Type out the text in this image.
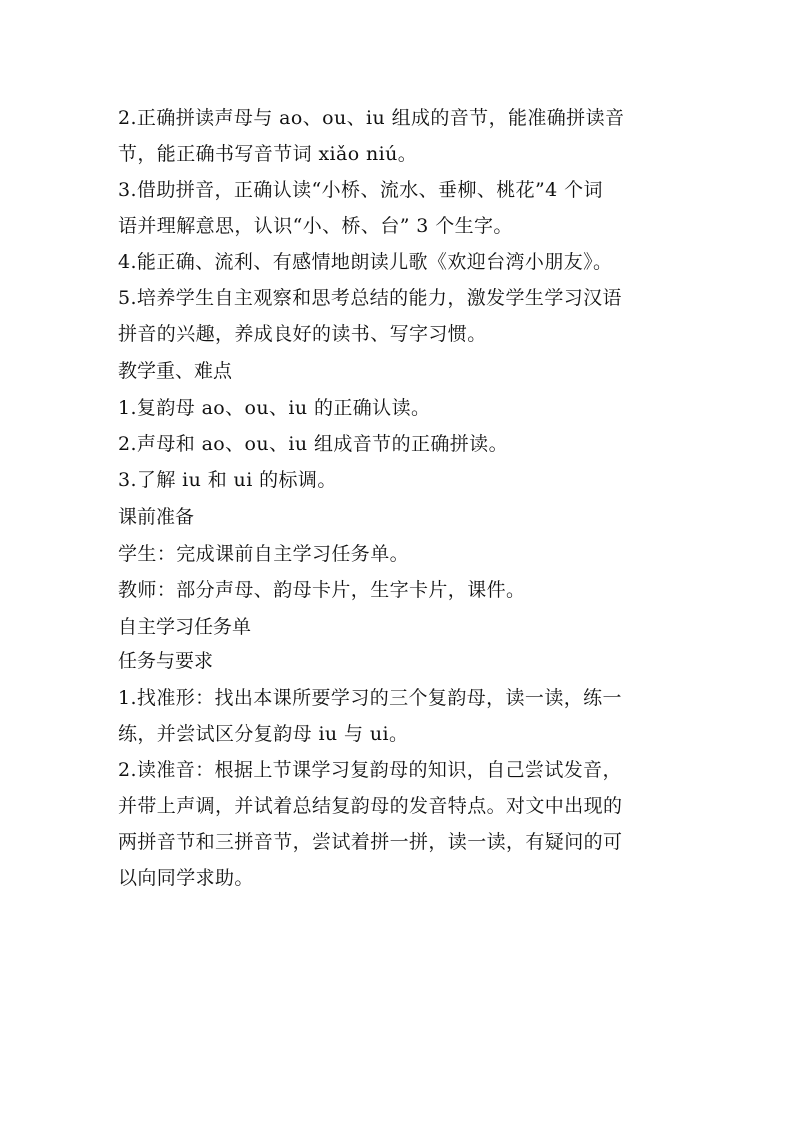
2.正确拼读声母与 ao、ou、iu 组成的音节，能准确拼读音
节，能正确书写音节词 xiǎo niú。
3.借助拼音，正确认读“小桥、流水、垂柳、桃花”4 个词
语并理解意思，认识“小、桥、台” 3 个生字。
4.能正确、流利、有感情地朗读儿歌《欢迎台湾小朋友》。
5.培养学生自主观察和思考总结的能力，激发学生学习汉语
拼音的兴趣，养成良好的读书、写字习惯。
教学重、难点
1.复韵母 ao、ou、iu 的正确认读。
2.声母和 ao、ou、iu 组成音节的正确拼读。
3.了解 iu 和 ui 的标调。
课前准备
学生：完成课前自主学习任务单。
教师：部分声母、韵母卡片，生字卡片，课件。
自主学习任务单
任务与要求
1.找准形：找出本课所要学习的三个复韵母，读一读，练一
练，并尝试区分复韵母 iu 与 ui。
2.读准音：根据上节课学习复韵母的知识，自己尝试发音，
并带上声调，并试着总结复韵母的发音特点。对文中出现的
两拼音节和三拼音节，尝试着拼一拼，读一读，有疑问的可
以向同学求助。
